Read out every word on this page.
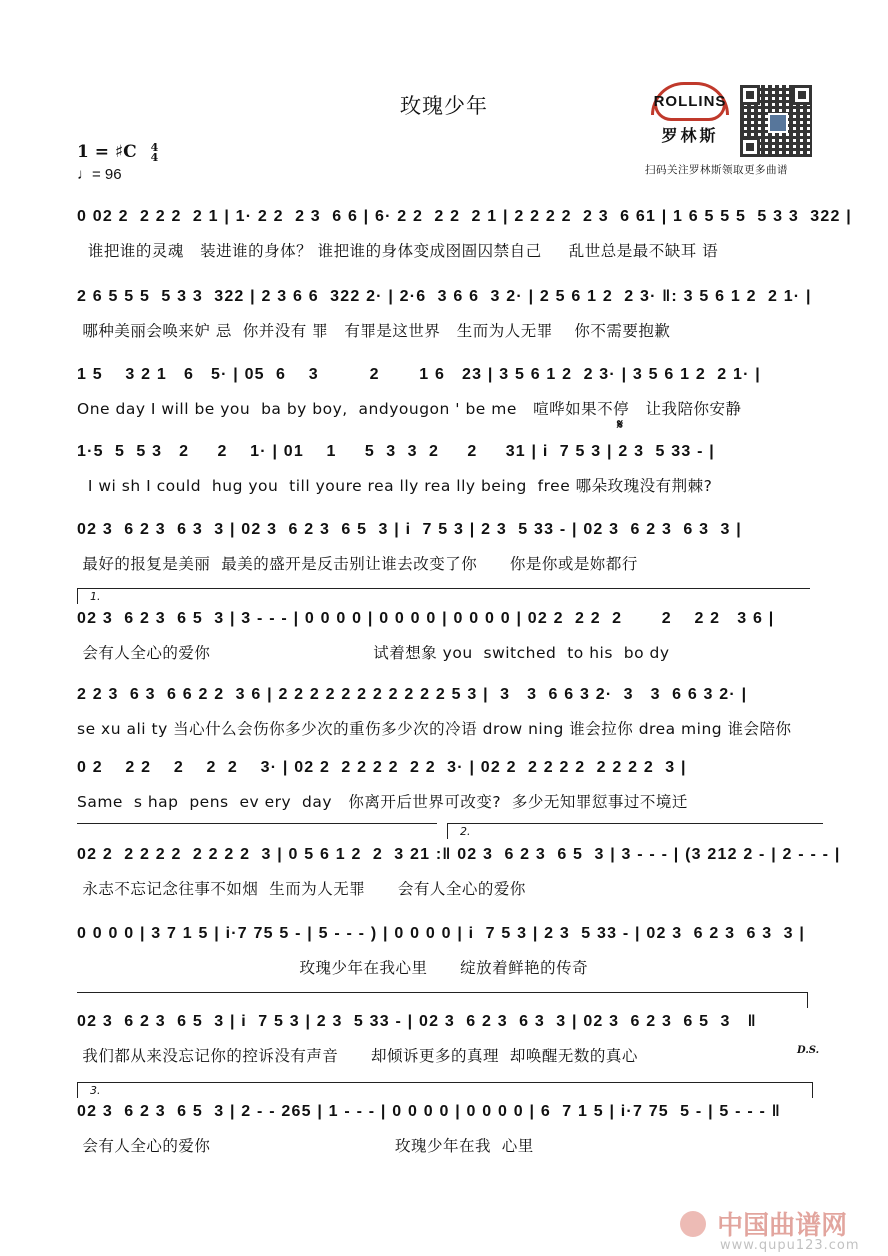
玫瑰少年
1 = ♯C 4
4
♩= 96
ROLLINS
罗林斯
扫码关注罗林斯领取更多曲谱
0 02 2  2 2 2  2 1 | 1· 2 2  2 3  6 6 | 6· 2 2  2 2  2 1 | 2 2 2 2  2 3  6 61 | 1 6 5 5 5  5 3 3  322 |
谁把谁的灵魂   装进谁的身体？ 谁把谁的身体变成囹圄囚禁自己     乱世总是最不缺耳 语
2 6 5 5 5  5 3 3  322 | 2 3 6 6  322 2· | 2·6  3 6 6  3 2· | 2 5 6 1 2  2 3· ‖: 3 5 6 1 2  2 1· |
哪种美丽会唤来妒 忌  你并没有 罪   有罪是这世界   生而为人无罪    你不需要抱歉
1 5    3 2 1   6   5· | 05  6    3         2       1 6   23 | 3 5 6 1 2  2 3· | 3 5 6 1 2  2 1· |
One day I will be you  ba by boy,  andyougon ' be me   喧哗如果不停   让我陪你安静
𝄋
1·5  5  5 3   2     2    1· | 01    1     5  3  3  2     2     31 | i  7 5 3 | 2 3  5 33 - |
I wi sh I could  hug you  till youre rea lly rea lly being  free 哪朵玫瑰没有荆棘?
02 3  6 2 3  6 3  3 | 02 3  6 2 3  6 5  3 | i  7 5 3 | 2 3  5 33 - | 02 3  6 2 3  6 3  3 |
最好的报复是美丽  最美的盛开是反击别让谁去改变了你      你是你或是妳都行
1.
02 3  6 2 3  6 5  3 | 3 - - - | 0 0 0 0 | 0 0 0 0 | 0 0 0 0 | 02 2  2 2  2       2    2 2   3 6 |
会有人全心的爱你                              试着想象 you  switched  to his  bo dy
2 2 3  6 3  6 6 2 2  3 6 | 2 2 2 2 2 2 2 2 2 2 2 5 3 |  3   3  6 6 3 2·  3   3  6 6 3 2· |
se xu ali ty 当心什么会伤你多少次的重伤多少次的冷语 drow ning 谁会拉你 drea ming 谁会陪你
0 2    2 2    2    2  2    3· | 02 2  2 2 2 2  2 2  3· | 02 2  2 2 2 2  2 2 2 2  3 |
Same  s hap  pens  ev ery  day   你离开后世界可改变?  多少无知罪愆事过不境迁
2.
02 2  2 2 2 2  2 2 2 2  3 | 0 5 6 1 2  2  3 21 :‖ 02 3  6 2 3  6 5  3 | 3 - - - | (3 212 2 - | 2 - - - |
永志不忘记念往事不如烟  生而为人无罪      会有人全心的爱你
0 0 0 0 | 3 7 1 5 | i·7 75 5 - | 5 - - - ) | 0 0 0 0 | i  7 5 3 | 2 3  5 33 - | 02 3  6 2 3  6 3  3 |
玫瑰少年在我心里      绽放着鲜艳的传奇
02 3  6 2 3  6 5  3 | i  7 5 3 | 2 3  5 33 - | 02 3  6 2 3  6 3  3 | 02 3  6 2 3  6 5  3   ‖
我们都从来没忘记你的控诉没有声音      却倾诉更多的真理  却唤醒无数的真心	D.S.
3.
02 3  6 2 3  6 5  3 | 2 - - 265 | 1 - - - | 0 0 0 0 | 0 0 0 0 | 6  7 1 5 | i·7 75  5 - | 5 - - - ‖
会有人全心的爱你                                  玫瑰少年在我  心里
中国曲谱网
www.qupu123.com
